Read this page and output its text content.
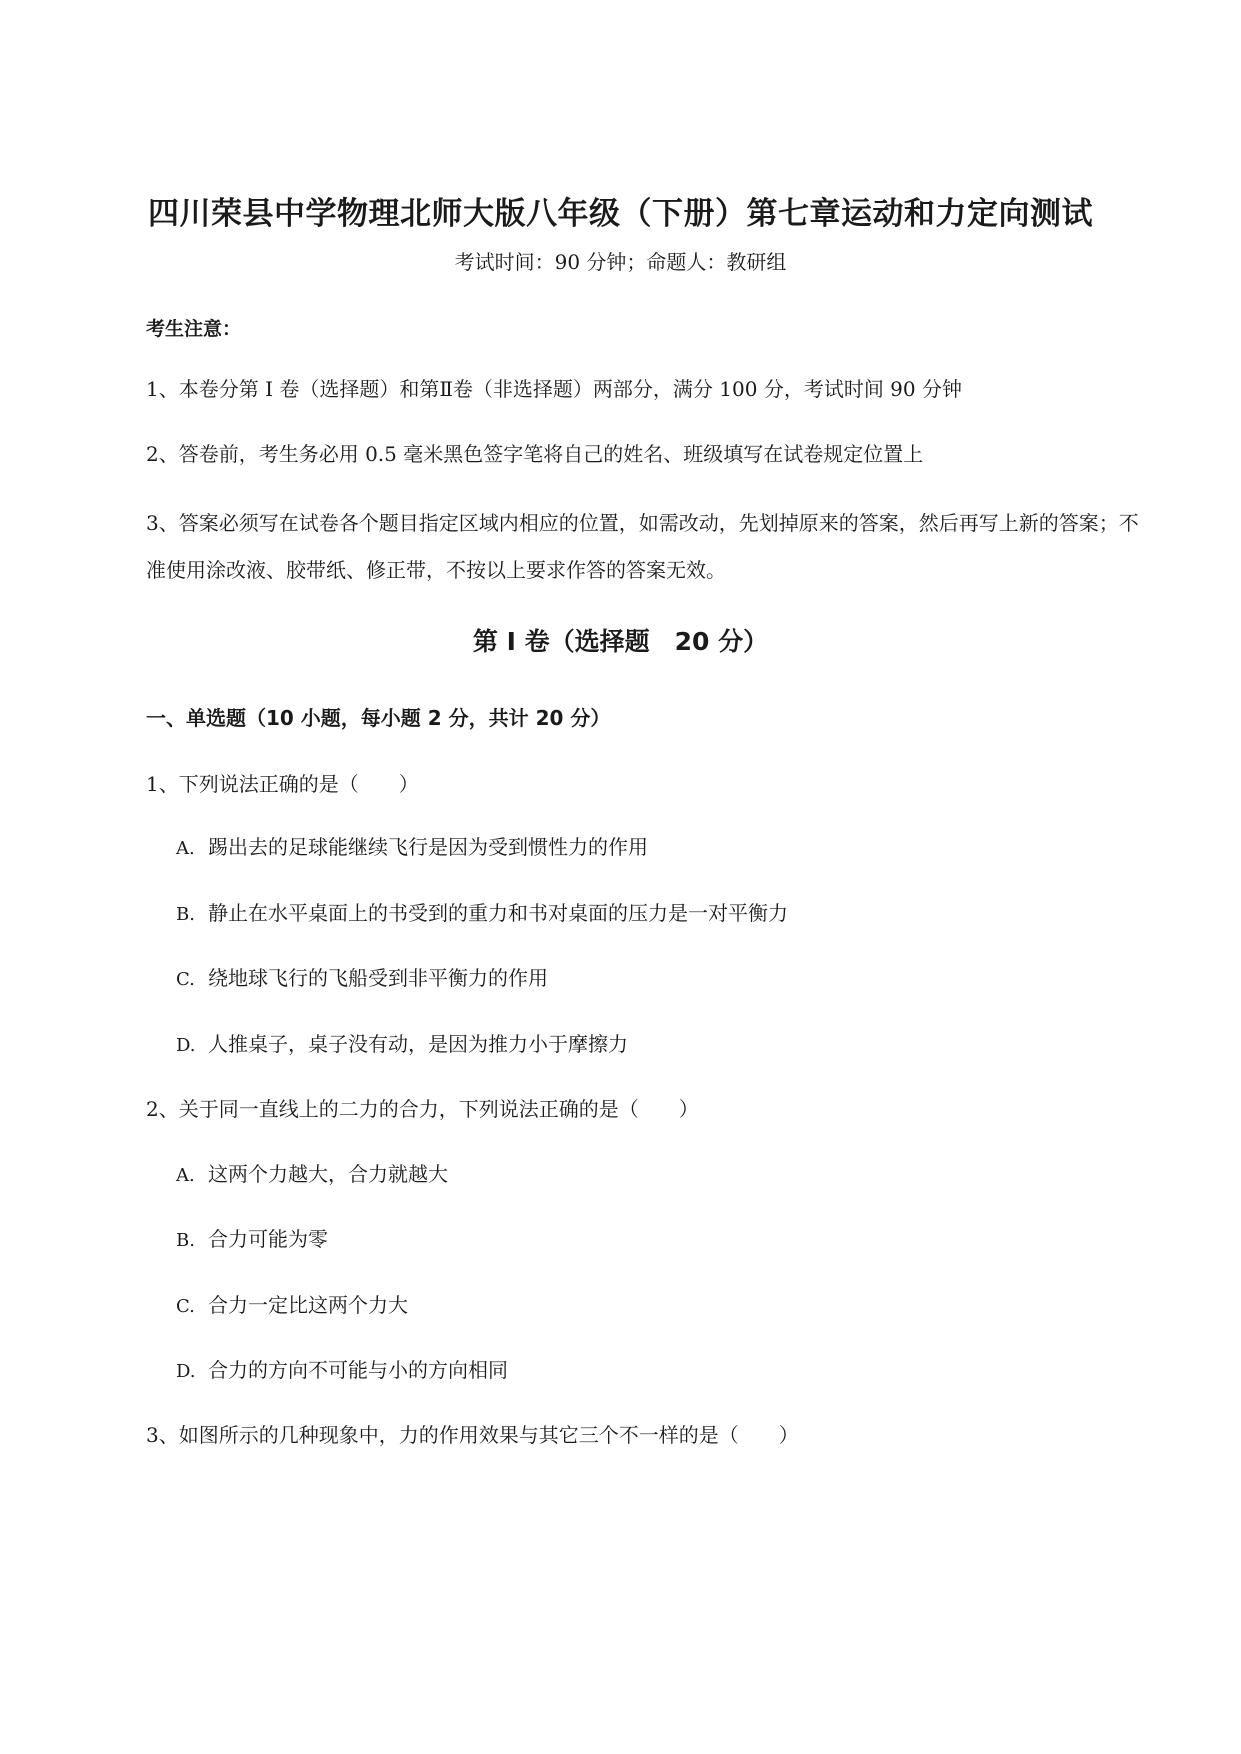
四川荣县中学物理北师大版八年级（下册）第七章运动和力定向测试
考试时间：90 分钟；命题人：教研组
考生注意：
1、本卷分第 I 卷（选择题）和第Ⅱ卷（非选择题）两部分，满分 100 分，考试时间 90 分钟
2、答卷前，考生务必用 0.5 毫米黑色签字笔将自己的姓名、班级填写在试卷规定位置上
3、答案必须写在试卷各个题目指定区域内相应的位置，如需改动，先划掉原来的答案，然后再写上新的答案；不准使用涂改液、胶带纸、修正带，不按以上要求作答的答案无效。
第 I 卷（选择题　20 分）
一、单选题（10 小题，每小题 2 分，共计 20 分）
1、下列说法正确的是（　　）
A. 踢出去的足球能继续飞行是因为受到惯性力的作用
B. 静止在水平桌面上的书受到的重力和书对桌面的压力是一对平衡力
C. 绕地球飞行的飞船受到非平衡力的作用
D. 人推桌子，桌子没有动，是因为推力小于摩擦力
2、关于同一直线上的二力的合力，下列说法正确的是（　　）
A. 这两个力越大，合力就越大
B. 合力可能为零
C. 合力一定比这两个力大
D. 合力的方向不可能与小的方向相同
3、如图所示的几种现象中，力的作用效果与其它三个不一样的是（　　）
